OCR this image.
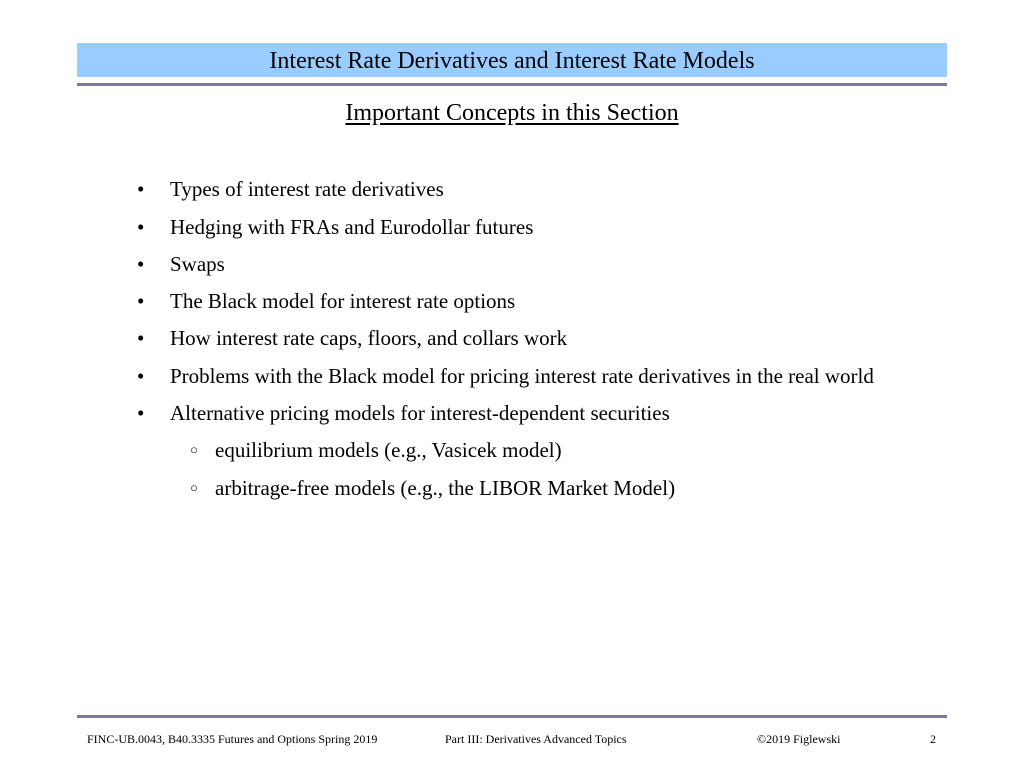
Interest Rate Derivatives and Interest Rate Models
Important Concepts in this Section
• Types of interest rate derivatives
• Hedging with FRAs and Eurodollar futures
• Swaps
• The Black model for interest rate options
• How interest rate caps, floors, and collars work
• Problems with the Black model for pricing interest rate derivatives in the real world
• Alternative pricing models for interest-dependent securities
○ equilibrium models (e.g., Vasicek model)
○ arbitrage-free models (e.g., the LIBOR Market Model)
FINC-UB.0043, B40.3335 Futures and Options Spring 2019	Part III: Derivatives Advanced Topics	©2019 Figlewski	2
